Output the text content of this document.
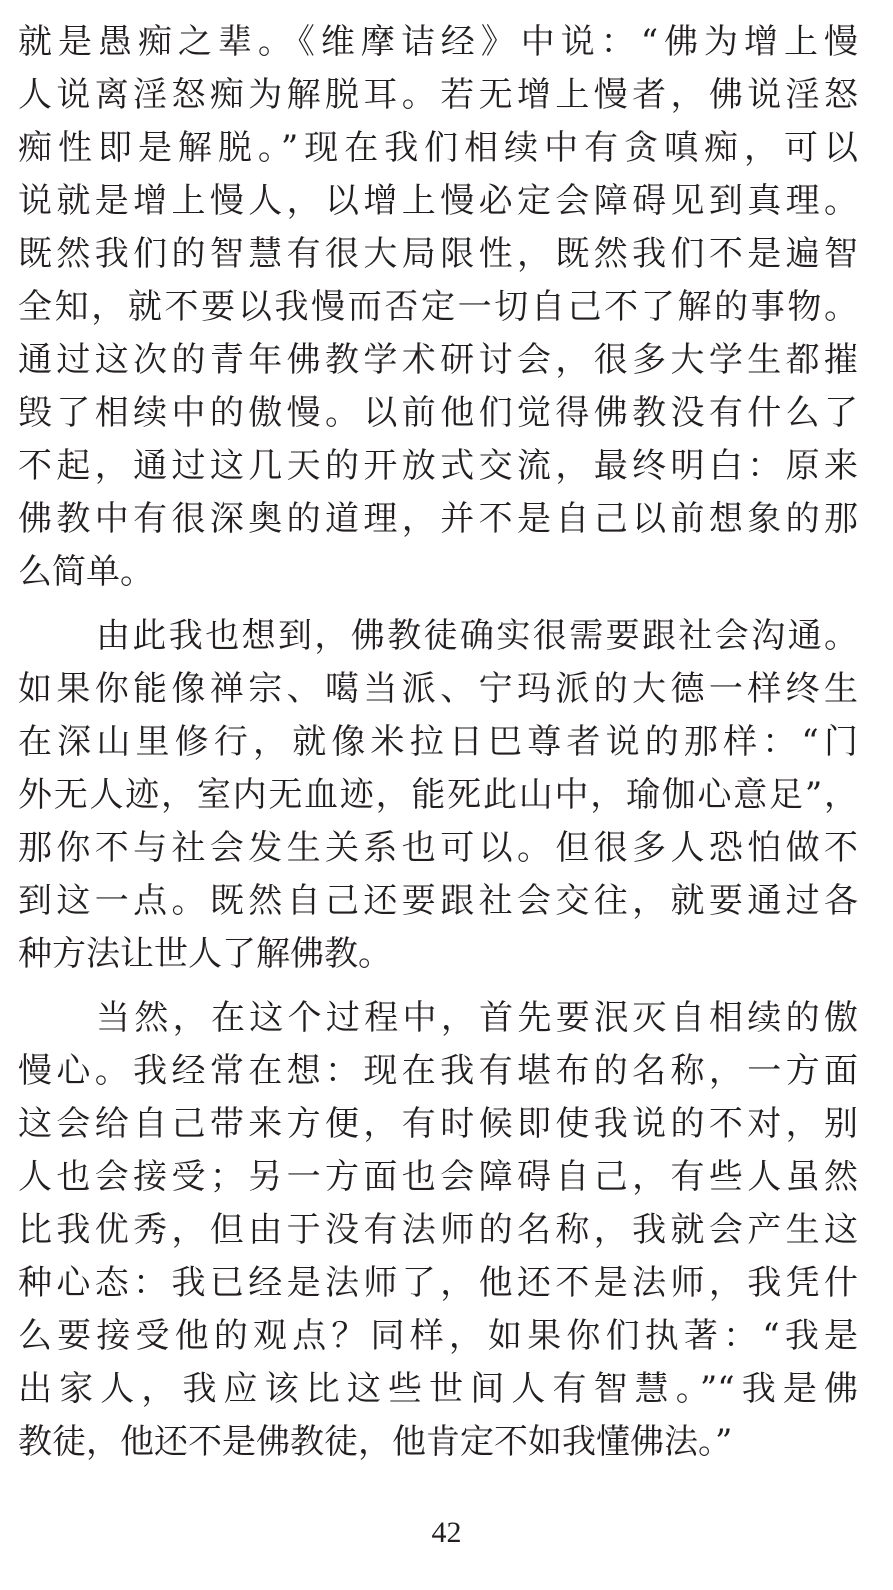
就是愚痴之辈。《维摩诘经》中说：“佛为增上慢
人说离淫怒痴为解脱耳。若无增上慢者，佛说淫怒
痴性即是解脱。”现在我们相续中有贪嗔痴，可以
说就是增上慢人，以增上慢必定会障碍见到真理。
既然我们的智慧有很大局限性，既然我们不是遍智
全知，就不要以我慢而否定一切自己不了解的事物。
通过这次的青年佛教学术研讨会，很多大学生都摧
毁了相续中的傲慢。以前他们觉得佛教没有什么了
不起，通过这几天的开放式交流，最终明白：原来
佛教中有很深奥的道理，并不是自己以前想象的那
么简单。
由此我也想到，佛教徒确实很需要跟社会沟通。
如果你能像禅宗、噶当派、宁玛派的大德一样终生
在深山里修行，就像米拉日巴尊者说的那样：“门
外无人迹，室内无血迹，能死此山中，瑜伽心意足”，
那你不与社会发生关系也可以。但很多人恐怕做不
到这一点。既然自己还要跟社会交往，就要通过各
种方法让世人了解佛教。
当然，在这个过程中，首先要泯灭自相续的傲
慢心。我经常在想：现在我有堪布的名称，一方面
这会给自己带来方便，有时候即使我说的不对，别
人也会接受；另一方面也会障碍自己，有些人虽然
比我优秀，但由于没有法师的名称，我就会产生这
种心态：我已经是法师了，他还不是法师，我凭什
么要接受他的观点？同样，如果你们执著：“我是
出家人，我应该比这些世间人有智慧。”“我是佛
教徒，他还不是佛教徒，他肯定不如我懂佛法。”
42
